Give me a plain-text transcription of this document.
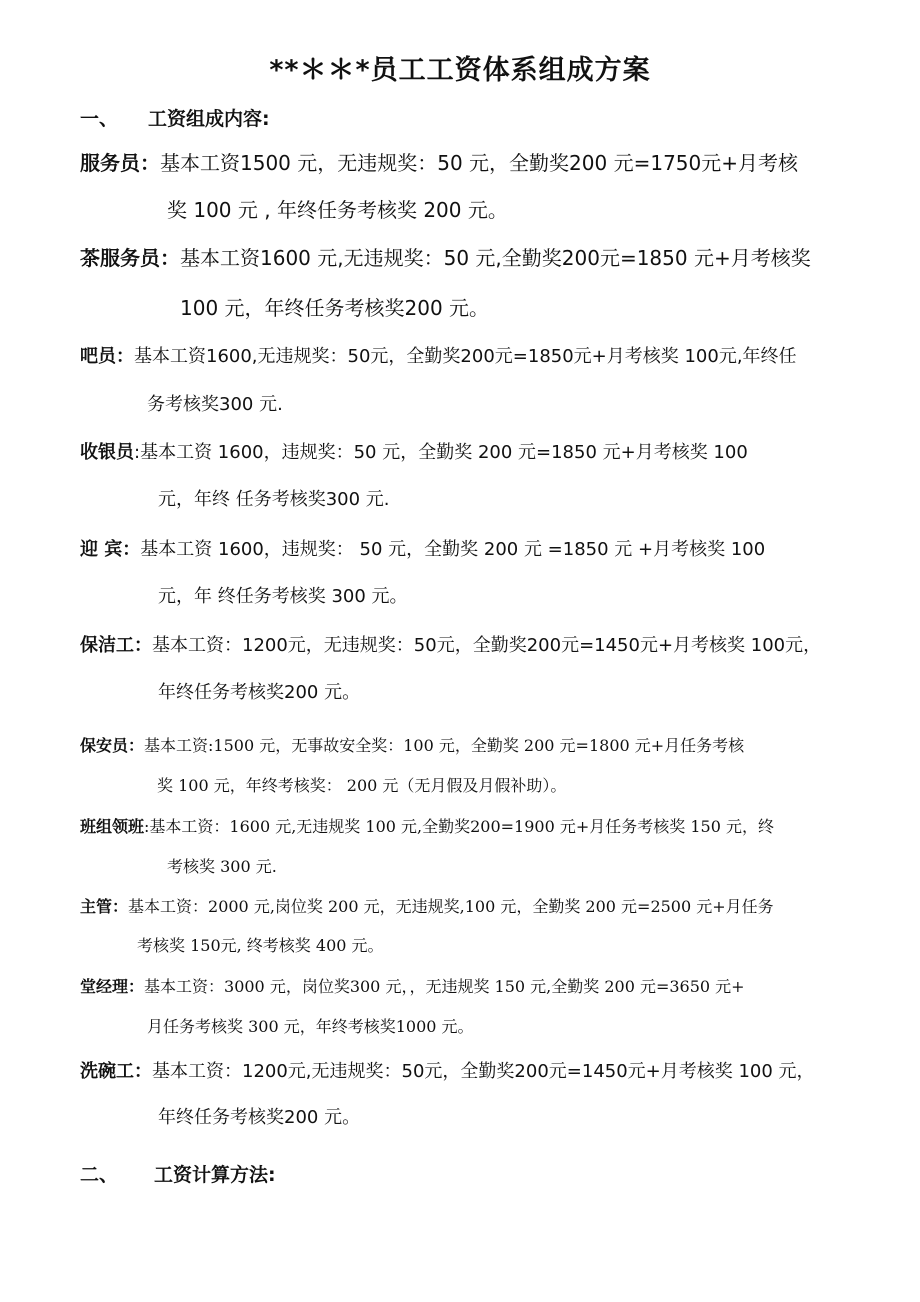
**＊＊*员工工资体系组成方案
一、 工资组成内容:
服务员：基本工资1500 元，无违规奖：50 元，全勤奖200 元=1750元+月考核
奖 100 元 , 年终任务考核奖 200 元。
茶服务员：基本工资1600 元,无违规奖：50 元,全勤奖200元=1850 元+月考核奖
100 元，年终任务考核奖200 元。
吧员：基本工资1600,无违规奖：50元，全勤奖200元=1850元+月考核奖 100元,年终任
务考核奖300 元.
收银员:基本工资 1600，违规奖：50 元，全勤奖 200 元=1850 元+月考核奖 100
元，年终 任务考核奖300 元.
迎 宾：基本工资 1600，违规奖： 50 元，全勤奖 200 元 =1850 元 +月考核奖 100
元，年 终任务考核奖 300 元。
保洁工：基本工资：1200元，无违规奖：50元，全勤奖200元=1450元+月考核奖 100元，
年终任务考核奖200 元。
保安员：基本工资:1500 元，无事故安全奖：100 元，全勤奖 200 元=1800 元+月任务考核
奖 100 元，年终考核奖： 200 元（无月假及月假补助）。
班组领班:基本工资：1600 元,无违规奖 100 元,全勤奖200=1900 元+月任务考核奖 150 元，终
考核奖 300 元.
主管：基本工资：2000 元,岗位奖 200 元，无违规奖,100 元，全勤奖 200 元=2500 元+月任务
考核奖 150元, 终考核奖 400 元。
堂经理：基本工资：3000 元，岗位奖300 元，，无违规奖 150 元,全勤奖 200 元=3650 元+
月任务考核奖 300 元，年终考核奖1000 元。
洗碗工：基本工资：1200元,无违规奖：50元，全勤奖200元=1450元+月考核奖 100 元，
年终任务考核奖200 元。
二、 工资计算方法:
